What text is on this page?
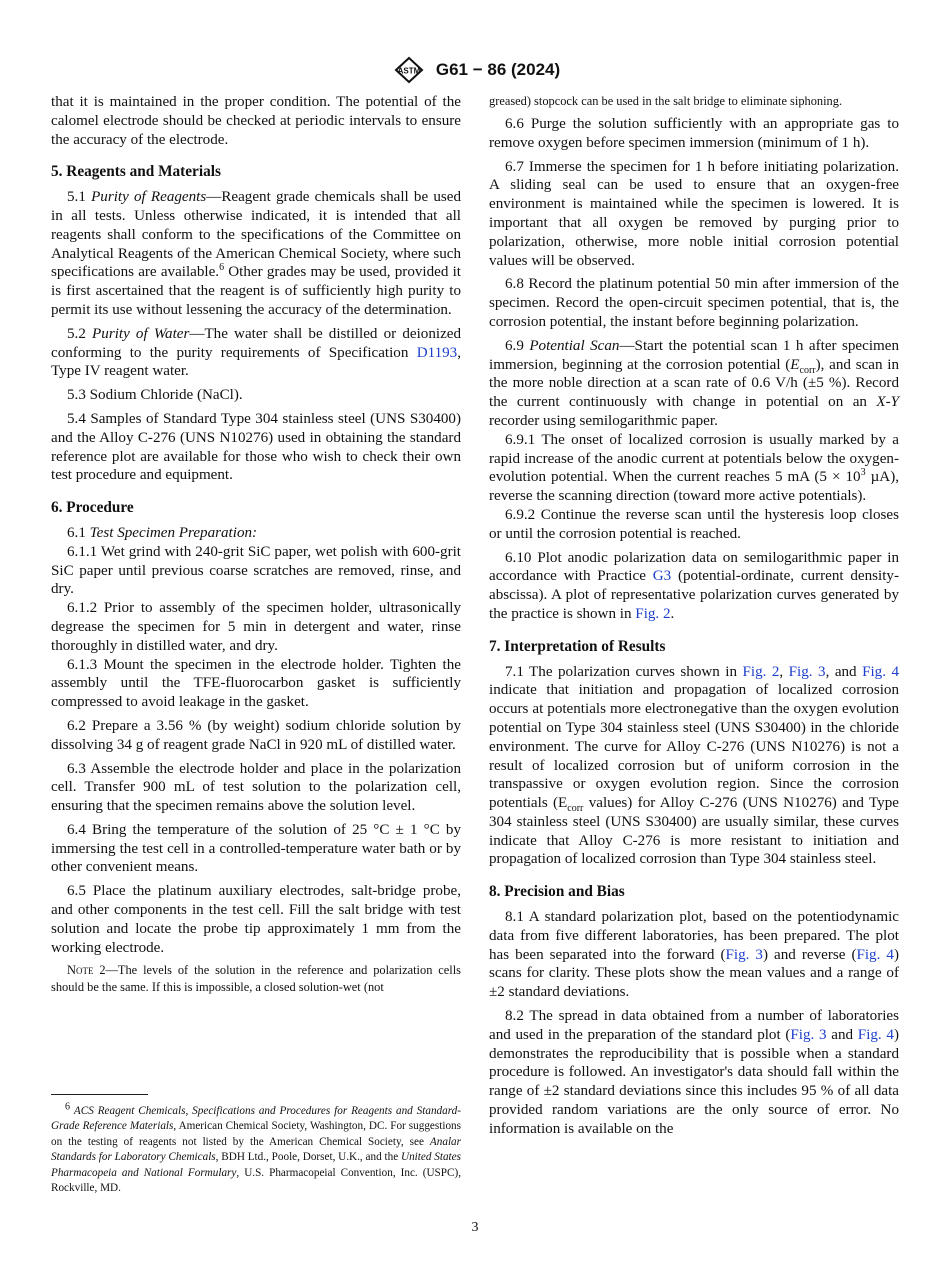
ASTM G61 − 86 (2024)

that it is maintained in the proper condition. The potential of the calomel electrode should be checked at periodic intervals to ensure the accuracy of the electrode.

5. Reagents and Materials

5.1 Purity of Reagents—Reagent grade chemicals shall be used in all tests. Unless otherwise indicated, it is intended that all reagents shall conform to the specifications of the Committee on Analytical Reagents of the American Chemical Society, where such specifications are available.$^6$ Other grades may be used, provided it is first ascertained that the reagent is of sufficiently high purity to permit its use without lessening the accuracy of the determination.

5.2 Purity of Water—The water shall be distilled or deionized conforming to the purity requirements of Specification D1193, Type IV reagent water.

5.3 Sodium Chloride (NaCl).

5.4 Samples of Standard Type 304 stainless steel (UNS S30400) and the Alloy C-276 (UNS N10276) used in obtaining the standard reference plot are available for those who wish to check their own test procedure and equipment.

6. Procedure

6.1 Test Specimen Preparation:

6.1.1 Wet grind with 240-grit SiC paper, wet polish with 600-grit SiC paper until previous coarse scratches are removed, rinse, and dry.

6.1.2 Prior to assembly of the specimen holder, ultrasonically degrease the specimen for 5 min in detergent and water, rinse thoroughly in distilled water, and dry.

6.1.3 Mount the specimen in the electrode holder. Tighten the assembly until the TFE-fluorocarbon gasket is sufficiently compressed to avoid leakage in the gasket.

6.2 Prepare a 3.56 % (by weight) sodium chloride solution by dissolving 34 g of reagent grade NaCl in 920 mL of distilled water.

6.3 Assemble the electrode holder and place in the polarization cell. Transfer 900 mL of test solution to the polarization cell, ensuring that the specimen remains above the solution level.

6.4 Bring the temperature of the solution of 25 °C ± 1 °C by immersing the test cell in a controlled-temperature water bath or by other convenient means.

6.5 Place the platinum auxiliary electrodes, salt-bridge probe, and other components in the test cell. Fill the salt bridge with test solution and locate the probe tip approximately 1 mm from the working electrode.

Note 2—The levels of the solution in the reference and polarization cells should be the same. If this is impossible, a closed solution-wet (not

$^6$ ACS Reagent Chemicals, Specifications and Procedures for Reagents and Standard-Grade Reference Materials, American Chemical Society, Washington, DC. For suggestions on the testing of reagents not listed by the American Chemical Society, see Analar Standards for Laboratory Chemicals, BDH Ltd., Poole, Dorset, U.K., and the United States Pharmacopeia and National Formulary, U.S. Pharmacopeial Convention, Inc. (USPC), Rockville, MD.

greased) stopcock can be used in the salt bridge to eliminate siphoning.

6.6 Purge the solution sufficiently with an appropriate gas to remove oxygen before specimen immersion (minimum of 1 h).

6.7 Immerse the specimen for 1 h before initiating polarization. A sliding seal can be used to ensure that an oxygen-free environment is maintained while the specimen is lowered. It is important that all oxygen be removed by purging prior to polarization, otherwise, more noble initial corrosion potential values will be observed.

6.8 Record the platinum potential 50 min after immersion of the specimen. Record the open-circuit specimen potential, that is, the corrosion potential, the instant before beginning polarization.

6.9 Potential Scan—Start the potential scan 1 h after specimen immersion, beginning at the corrosion potential $(E_{corr})$, and scan in the more noble direction at a scan rate of 0.6 V/h (±5 %). Record the current continuously with change in potential on an X-Y recorder using semilogarithmic paper.

6.9.1 The onset of localized corrosion is usually marked by a rapid increase of the anodic current at potentials below the oxygen-evolution potential. When the current reaches 5 mA ($5 \times 10^3$ µA), reverse the scanning direction (toward more active potentials).

6.9.2 Continue the reverse scan until the hysteresis loop closes or until the corrosion potential is reached.

6.10 Plot anodic polarization data on semilogarithmic paper in accordance with Practice G3 (potential-ordinate, current density-abscissa). A plot of representative polarization curves generated by the practice is shown in Fig. 2.

7. Interpretation of Results

7.1 The polarization curves shown in Fig. 2, Fig. 3, and Fig. 4 indicate that initiation and propagation of localized corrosion occurs at potentials more electronegative than the oxygen evolution potential on Type 304 stainless steel (UNS S30400) in the chloride environment. The curve for Alloy C-276 (UNS N10276) is not a result of localized corrosion but of uniform corrosion in the transpassive or oxygen evolution region. Since the corrosion potentials ($E_{corr}$ values) for Alloy C-276 (UNS N10276) and Type 304 stainless steel (UNS S30400) are usually similar, these curves indicate that Alloy C-276 is more resistant to initiation and propagation of localized corrosion than Type 304 stainless steel.

8. Precision and Bias

8.1 A standard polarization plot, based on the potentiodynamic data from five different laboratories, has been prepared. The plot has been separated into the forward (Fig. 3) and reverse (Fig. 4) scans for clarity. These plots show the mean values and a range of ±2 standard deviations.

8.2 The spread in data obtained from a number of laboratories and used in the preparation of the standard plot (Fig. 3 and Fig. 4) demonstrates the reproducibility that is possible when a standard procedure is followed. An investigator's data should fall within the range of ±2 standard deviations since this includes 95 % of all data provided random variations are the only source of error. No information is available on the

3
